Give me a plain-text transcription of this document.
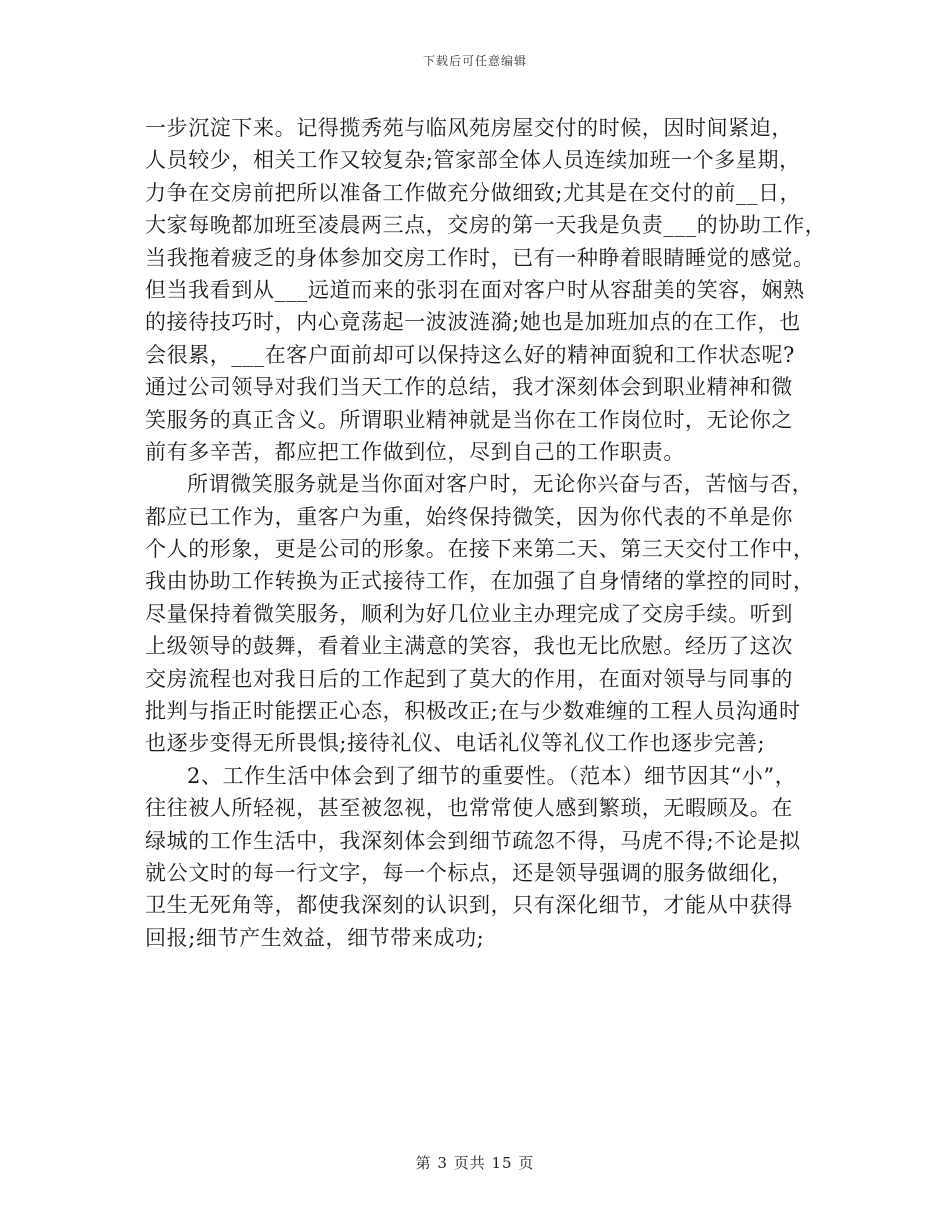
下载后可任意编辑
一步沉淀下来。记得揽秀苑与临风苑房屋交付的时候，因时间紧迫，
人员较少，相关工作又较复杂;管家部全体人员连续加班一个多星期，
力争在交房前把所以准备工作做充分做细致;尤其是在交付的前__日，
大家每晚都加班至凌晨两三点，交房的第一天我是负责___的协助工作，
当我拖着疲乏的身体参加交房工作时，已有一种睁着眼睛睡觉的感觉。
但当我看到从___远道而来的张羽在面对客户时从容甜美的笑容，娴熟
的接待技巧时，内心竟荡起一波波涟漪;她也是加班加点的在工作，也
会很累，___在客户面前却可以保持这么好的精神面貌和工作状态呢?
通过公司领导对我们当天工作的总结，我才深刻体会到职业精神和微
笑服务的真正含义。所谓职业精神就是当你在工作岗位时，无论你之
前有多辛苦，都应把工作做到位，尽到自己的工作职责。
所谓微笑服务就是当你面对客户时，无论你兴奋与否，苦恼与否，
都应已工作为，重客户为重，始终保持微笑，因为你代表的不单是你
个人的形象，更是公司的形象。在接下来第二天、第三天交付工作中，
我由协助工作转换为正式接待工作，在加强了自身情绪的掌控的同时，
尽量保持着微笑服务，顺利为好几位业主办理完成了交房手续。听到
上级领导的鼓舞，看着业主满意的笑容，我也无比欣慰。经历了这次
交房流程也对我日后的工作起到了莫大的作用，在面对领导与同事的
批判与指正时能摆正心态，积极改正;在与少数难缠的工程人员沟通时
也逐步变得无所畏惧;接待礼仪、电话礼仪等礼仪工作也逐步完善;
2、工作生活中体会到了细节的重要性。（范本）细节因其“小”，
往往被人所轻视，甚至被忽视，也常常使人感到繁琐，无暇顾及。在
绿城的工作生活中，我深刻体会到细节疏忽不得，马虎不得;不论是拟
就公文时的每一行文字，每一个标点，还是领导强调的服务做细化，
卫生无死角等，都使我深刻的认识到，只有深化细节，才能从中获得
回报;细节产生效益，细节带来成功;
第 3 页共 15 页
